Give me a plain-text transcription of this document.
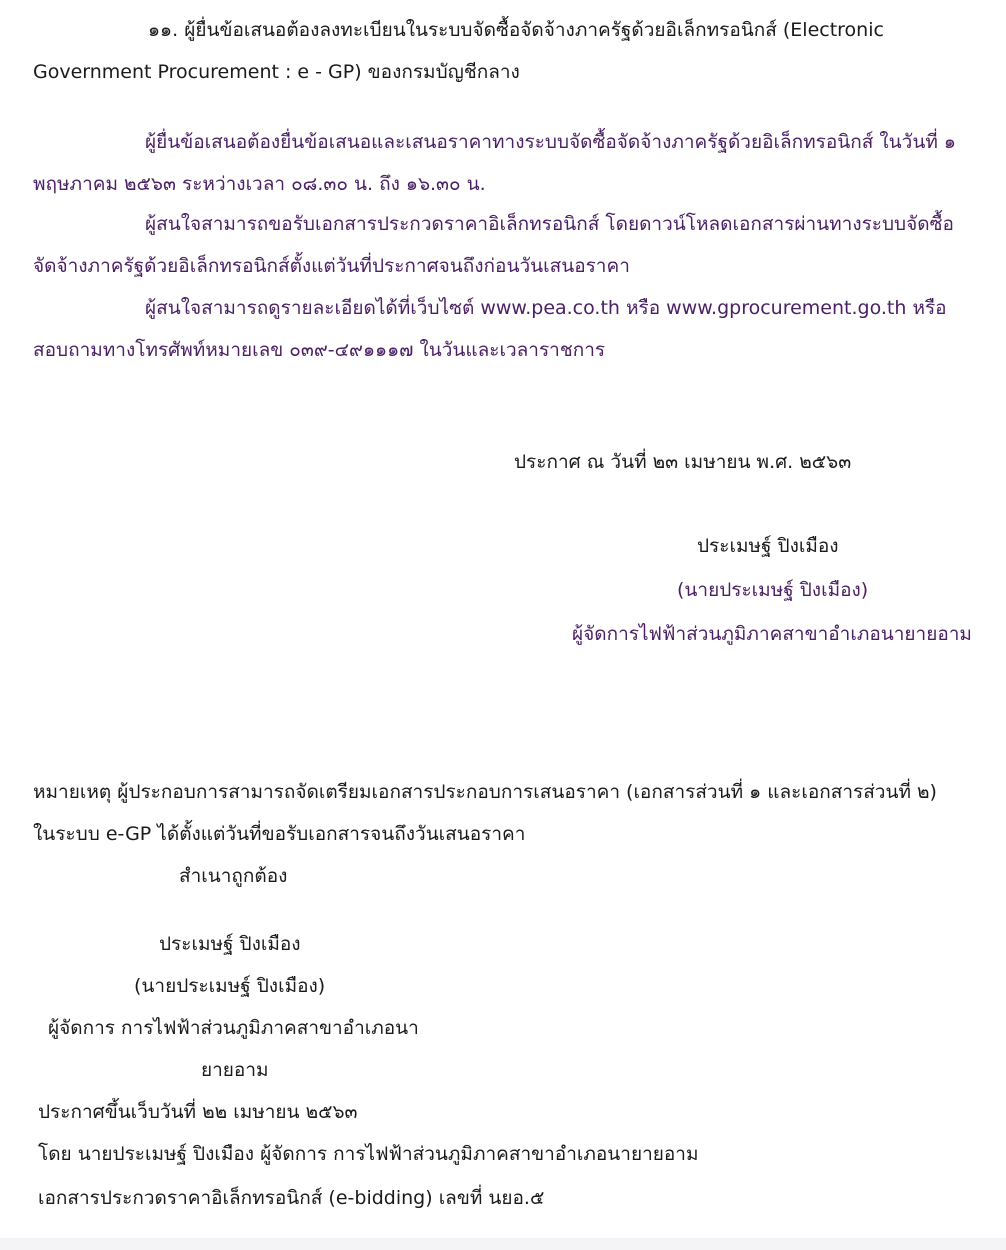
๑๑. ผู้ยื่นข้อเสนอต้องลงทะเบียนในระบบจัดซื้อจัดจ้างภาครัฐด้วยอิเล็กทรอนิกส์ (Electronic
Government Procurement : e - GP) ของกรมบัญชีกลาง
ผู้ยื่นข้อเสนอต้องยื่นข้อเสนอและเสนอราคาทางระบบจัดซื้อจัดจ้างภาครัฐด้วยอิเล็กทรอนิกส์ ในวันที่ ๑
พฤษภาคม ๒๕๖๓ ระหว่างเวลา ๐๘.๓๐ น. ถึง ๑๖.๓๐ น.
ผู้สนใจสามารถขอรับเอกสารประกวดราคาอิเล็กทรอนิกส์ โดยดาวน์โหลดเอกสารผ่านทางระบบจัดซื้อ
จัดจ้างภาครัฐด้วยอิเล็กทรอนิกส์ตั้งแต่วันที่ประกาศจนถึงก่อนวันเสนอราคา
ผู้สนใจสามารถดูรายละเอียดได้ที่เว็บไซต์ www.pea.co.th หรือ www.gprocurement.go.th หรือ
สอบถามทางโทรศัพท์หมายเลข ๐๓๙-๔๙๑๑๑๗ ในวันและเวลาราชการ
ประกาศ ณ วันที่ ๒๓ เมษายน พ.ศ. ๒๕๖๓
ประเมษฐ์ ปิงเมือง
(นายประเมษฐ์ ปิงเมือง)
ผู้จัดการไฟฟ้าส่วนภูมิภาคสาขาอำเภอนายายอาม
หมายเหตุ ผู้ประกอบการสามารถจัดเตรียมเอกสารประกอบการเสนอราคา (เอกสารส่วนที่ ๑ และเอกสารส่วนที่ ๒)
ในระบบ e-GP ได้ตั้งแต่วันที่ขอรับเอกสารจนถึงวันเสนอราคา
สำเนาถูกต้อง
ประเมษฐ์ ปิงเมือง
(นายประเมษฐ์ ปิงเมือง)
ผู้จัดการ การไฟฟ้าส่วนภูมิภาคสาขาอำเภอนา
ยายอาม
ประกาศขึ้นเว็บวันที่ ๒๒ เมษายน ๒๕๖๓
โดย นายประเมษฐ์ ปิงเมือง ผู้จัดการ การไฟฟ้าส่วนภูมิภาคสาขาอำเภอนายายอาม
เอกสารประกวดราคาอิเล็กทรอนิกส์ (e-bidding) เลขที่ นยอ.๕
